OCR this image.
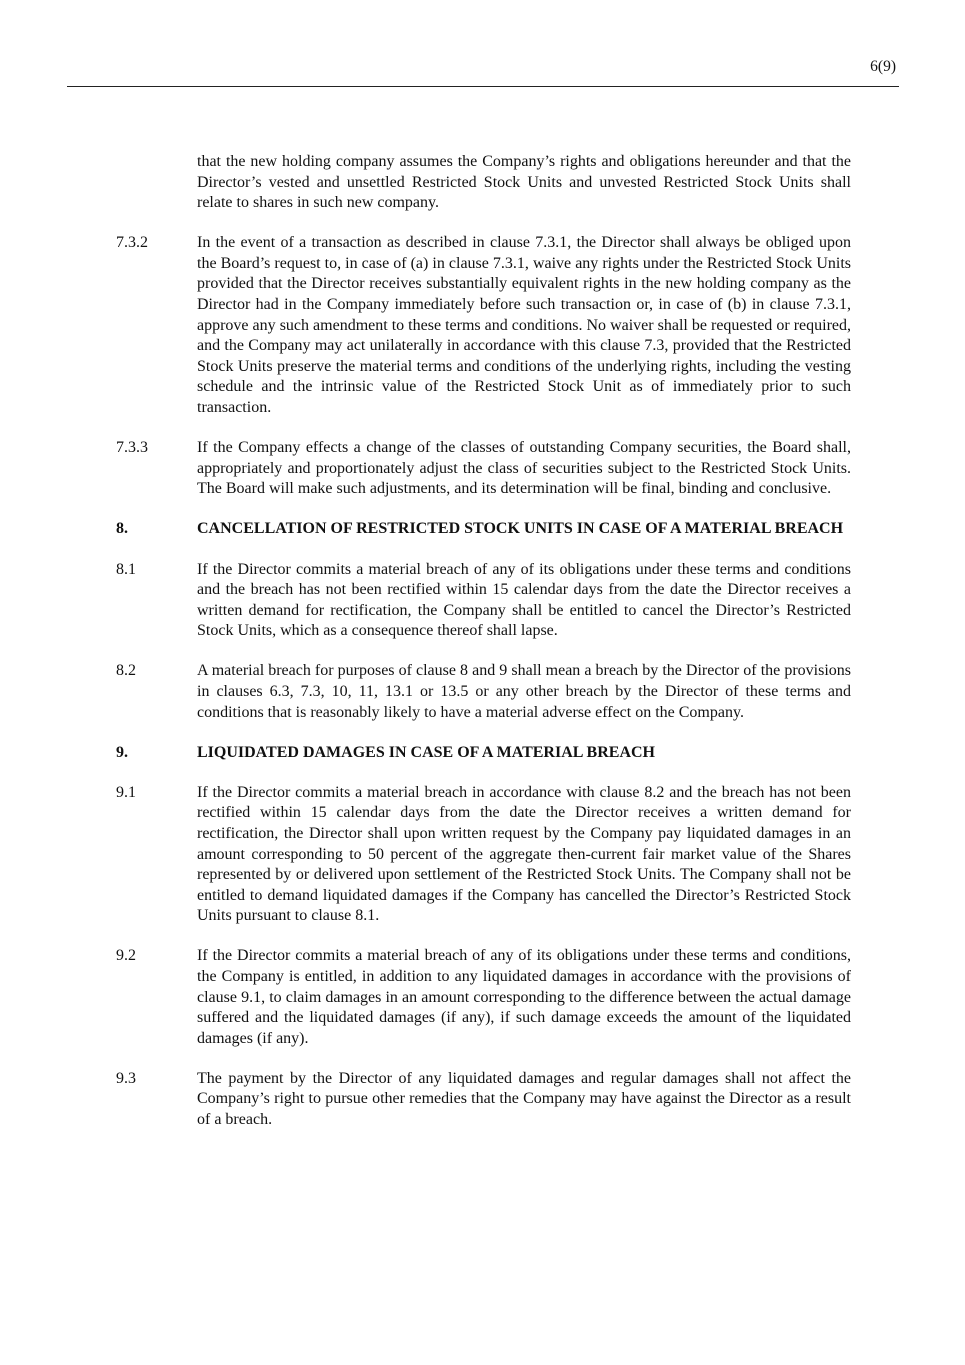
6(9)
that the new holding company assumes the Company’s rights and obligations hereunder and that the Director’s vested and unsettled Restricted Stock Units and unvested Restricted Stock Units shall relate to shares in such new company.
7.3.2	In the event of a transaction as described in clause 7.3.1, the Director shall always be obliged upon the Board’s request to, in case of (a) in clause 7.3.1, waive any rights under the Restricted Stock Units provided that the Director receives substantially equivalent rights in the new holding company as the Director had in the Company immediately before such transaction or, in case of (b) in clause 7.3.1, approve any such amendment to these terms and conditions. No waiver shall be requested or required, and the Company may act unilaterally in accordance with this clause 7.3, provided that the Restricted Stock Units preserve the material terms and conditions of the underlying rights, including the vesting schedule and the intrinsic value of the Restricted Stock Unit as of immediately prior to such transaction.
7.3.3	If the Company effects a change of the classes of outstanding Company securities, the Board shall, appropriately and proportionately adjust the class of securities subject to the Restricted Stock Units. The Board will make such adjustments, and its determination will be final, binding and conclusive.
8.	CANCELLATION OF RESTRICTED STOCK UNITS IN CASE OF A MATERIAL BREACH
8.1	If the Director commits a material breach of any of its obligations under these terms and conditions and the breach has not been rectified within 15 calendar days from the date the Director receives a written demand for rectification, the Company shall be entitled to cancel the Director’s Restricted Stock Units, which as a consequence thereof shall lapse.
8.2	A material breach for purposes of clause 8 and 9 shall mean a breach by the Director of the provisions in clauses 6.3, 7.3, 10, 11, 13.1 or 13.5 or any other breach by the Director of these terms and conditions that is reasonably likely to have a material adverse effect on the Company.
9.	LIQUIDATED DAMAGES IN CASE OF A MATERIAL BREACH
9.1	If the Director commits a material breach in accordance with clause 8.2 and the breach has not been rectified within 15 calendar days from the date the Director receives a written demand for rectification, the Director shall upon written request by the Company pay liquidated damages in an amount corresponding to 50 percent of the aggregate then-current fair market value of the Shares represented by or delivered upon settlement of the Restricted Stock Units. The Company shall not be entitled to demand liquidated damages if the Company has cancelled the Director’s Restricted Stock Units pursuant to clause 8.1.
9.2	If the Director commits a material breach of any of its obligations under these terms and conditions, the Company is entitled, in addition to any liquidated damages in accordance with the provisions of clause 9.1, to claim damages in an amount corresponding to the difference between the actual damage suffered and the liquidated damages (if any), if such damage exceeds the amount of the liquidated damages (if any).
9.3	The payment by the Director of any liquidated damages and regular damages shall not affect the Company’s right to pursue other remedies that the Company may have against the Director as a result of a breach.
